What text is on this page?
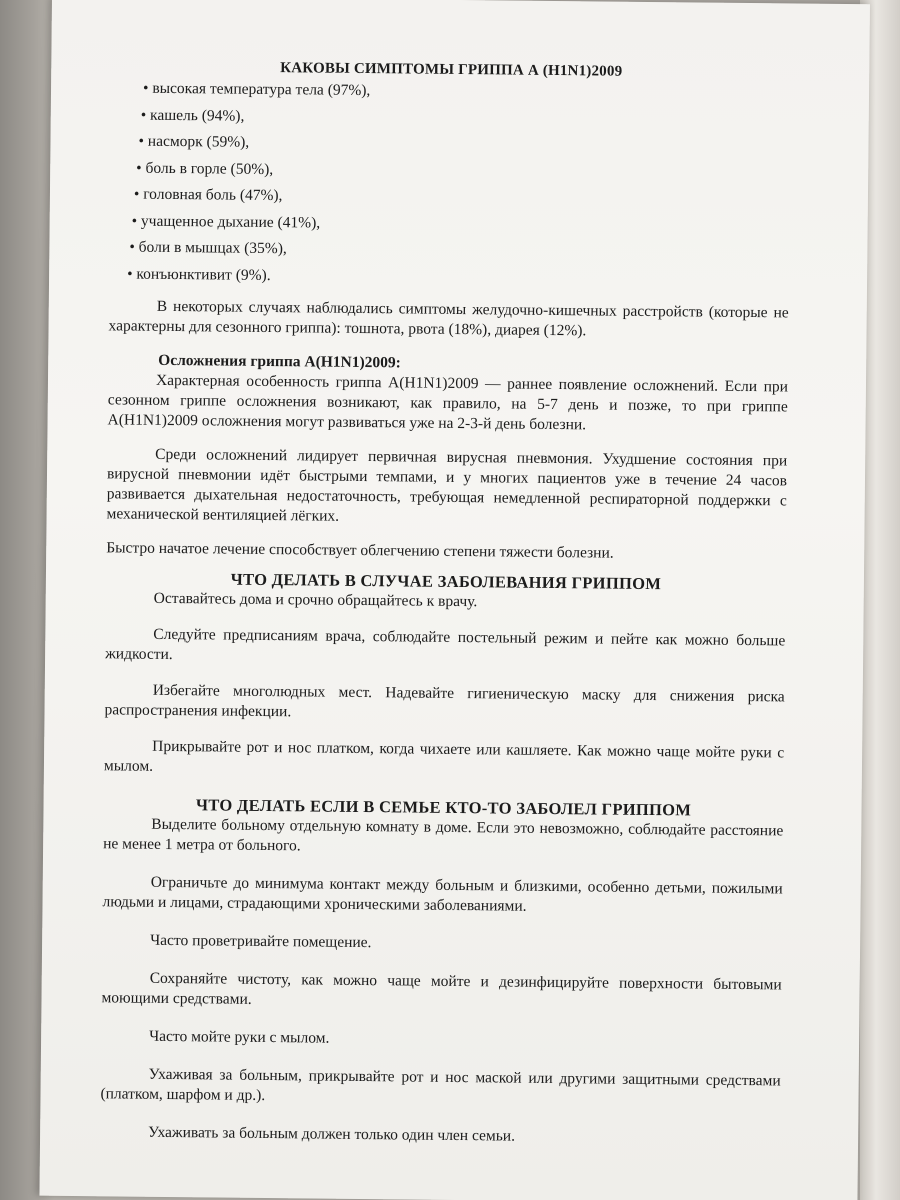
КАКОВЫ СИМПТОМЫ ГРИППА А (Н1N1)2009

• высокая температура тела (97%),
• кашель (94%),
• насморк (59%),
• боль в горле (50%),
• головная боль (47%),
• учащенное дыхание (41%),
• боли в мышцах (35%),
• конъюнктивит (9%).

В некоторых случаях наблюдались симптомы желудочно-кишечных расстройств (которые не характерны для сезонного гриппа): тошнота, рвота (18%), диарея (12%).

Осложнения гриппа А(Н1N1)2009:

Характерная особенность гриппа А(Н1N1)2009 — раннее появление осложнений. Если при сезонном гриппе осложнения возникают, как правило, на 5-7 день и позже, то при гриппе А(Н1N1)2009 осложнения могут развиваться уже на 2-3-й день болезни.

Среди осложнений лидирует первичная вирусная пневмония. Ухудшение состояния при вирусной пневмонии идёт быстрыми темпами, и у многих пациентов уже в течение 24 часов развивается дыхательная недостаточность, требующая немедленной респираторной поддержки с механической вентиляцией лёгких.

Быстро начатое лечение способствует облегчению степени тяжести болезни.

ЧТО ДЕЛАТЬ В СЛУЧАЕ ЗАБОЛЕВАНИЯ ГРИППОМ

Оставайтесь дома и срочно обращайтесь к врачу.

Следуйте предписаниям врача, соблюдайте постельный режим и пейте как можно больше жидкости.

Избегайте многолюдных мест. Надевайте гигиеническую маску для снижения риска распространения инфекции.

Прикрывайте рот и нос платком, когда чихаете или кашляете. Как можно чаще мойте руки с мылом.

ЧТО ДЕЛАТЬ ЕСЛИ В СЕМЬЕ КТО-ТО ЗАБОЛЕЛ ГРИППОМ

Выделите больному отдельную комнату в доме. Если это невозможно, соблюдайте расстояние не менее 1 метра от больного.

Ограничьте до минимума контакт между больным и близкими, особенно детьми, пожилыми людьми и лицами, страдающими хроническими заболеваниями.

Часто проветривайте помещение.

Сохраняйте чистоту, как можно чаще мойте и дезинфицируйте поверхности бытовыми моющими средствами.

Часто мойте руки с мылом.

Ухаживая за больным, прикрывайте рот и нос маской или другими защитными средствами (платком, шарфом и др.).

Ухаживать за больным должен только один член семьи.
